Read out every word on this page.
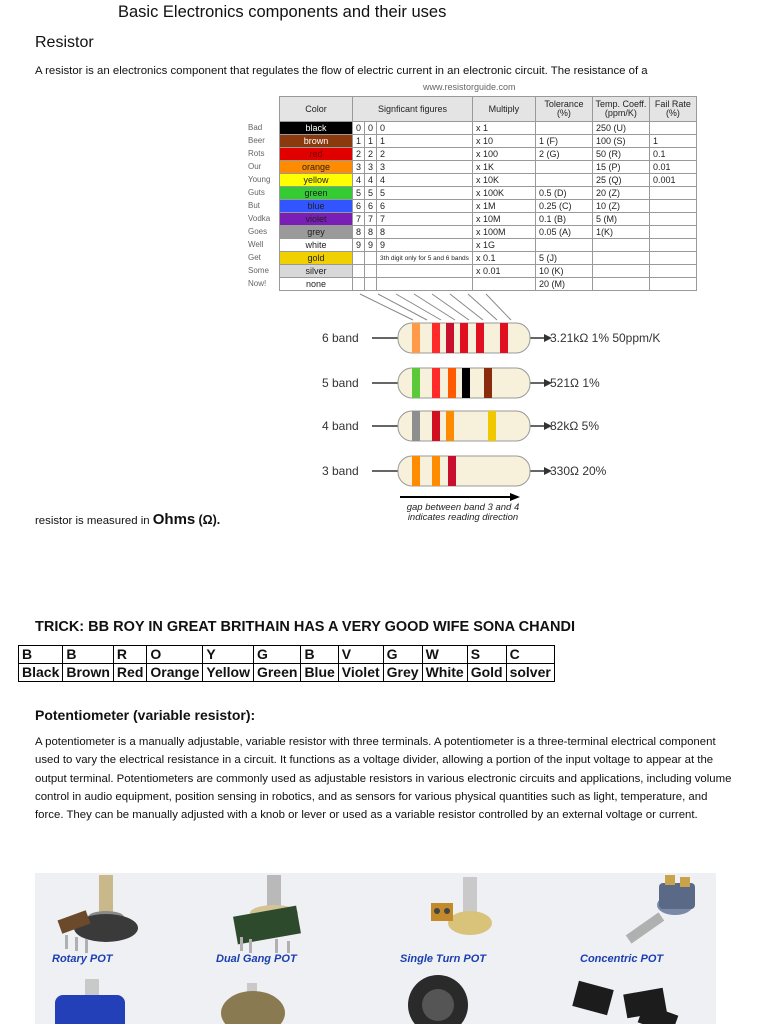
Basic Electronics components and their uses
Resistor
A resistor is an electronics component that regulates the flow of electric current in an electronic circuit. The resistance of a
www.resistorguide.com
	Color	Signficant figures			Multiply	Tolerance (%)	Temp. Coeff. (ppm/K)	Fail Rate (%)
Bad	black	0	0	0	x 1		250 (U)	
Beer	brown	1	1	1	x 10	1 (F)	100 (S)	1
Rots	red	2	2	2	x 100	2 (G)	50 (R)	0.1
Our	orange	3	3	3	x 1K		15 (P)	0.01
Young	yellow	4	4	4	x 10K		25 (Q)	0.001
Guts	green	5	5	5	x 100K	0.5 (D)	20 (Z)	
But	blue	6	6	6	x 1M	0.25 (C)	10 (Z)	
Vodka	violet	7	7	7	x 10M	0.1 (B)	5 (M)	
Goes	grey	8	8	8	x 100M	0.05 (A)	1(K)	
Well	white	9	9	9	x 1G			
Get	gold			3th digit only for 5 and 6 bands	x 0.1	5 (J)		
Some	silver				x 0.01	10 (K)		
Now!	none					20 (M)		
6 band	3.21kΩ 1% 50ppm/K
5 band	521Ω 1%
4 band	82kΩ 5%
3 band	330Ω 20%
gap between band 3 and 4 indicates reading direction
resistor is measured in Ohms (Ω).
TRICK: BB ROY IN GREAT BRITHAIN HAS A VERY GOOD WIFE SONA CHANDI
B	B	R	O	Y	G	B	V	G	W	S	C
Black	Brown	Red	Orange	Yellow	Green	Blue	Violet	Grey	White	Gold	solver
Potentiometer (variable resistor):
A potentiometer is a manually adjustable, variable resistor with three terminals. A potentiometer is a three-terminal electrical component used to vary the electrical resistance in a circuit. It functions as a voltage divider, allowing a portion of the input voltage to appear at the output terminal. Potentiometers are commonly used as adjustable resistors in various electronic circuits and applications, including volume control in audio equipment, position sensing in robotics, and as sensors for various physical quantities such as light, temperature, and force. They can be manually adjusted with a knob or lever or used as a variable resistor controlled by an external voltage or current.
Rotary POT	Dual Gang POT	Single Turn POT	Concentric POT
